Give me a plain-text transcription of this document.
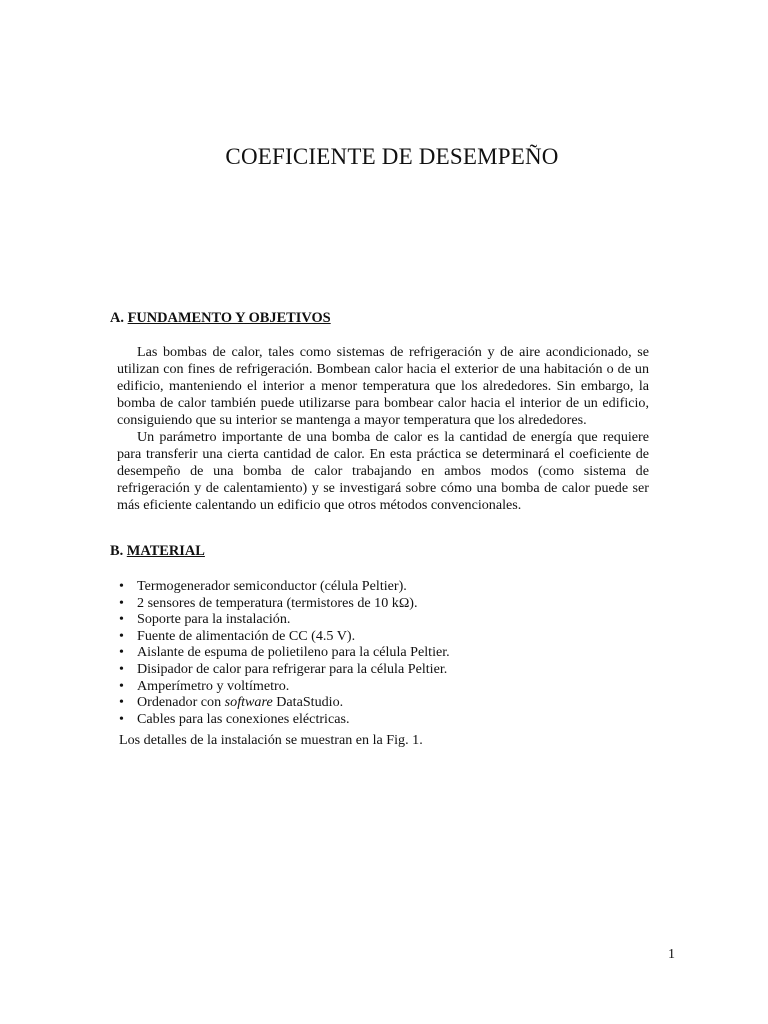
COEFICIENTE DE DESEMPEÑO
A. FUNDAMENTO Y OBJETIVOS

Las bombas de calor, tales como sistemas de refrigeración y de aire acondicionado, se utilizan con fines de refrigeración. Bombean calor hacia el exterior de una habitación o de un edificio, manteniendo el interior a menor temperatura que los alrededores. Sin embargo, la bomba de calor también puede utilizarse para bombear calor hacia el interior de un edificio, consiguiendo que su interior se mantenga a mayor temperatura que los alrededores.

Un parámetro importante de una bomba de calor es la cantidad de energía que requiere para transferir una cierta cantidad de calor. En esta práctica se determinará el coeficiente de desempeño de una bomba de calor trabajando en ambos modos (como sistema de refrigeración y de calentamiento) y se investigará sobre cómo una bomba de calor puede ser más eficiente calentando un edificio que otros métodos convencionales.

B. MATERIAL
• Termogenerador semiconductor (célula Peltier).
• 2 sensores de temperatura (termistores de 10 kΩ).
• Soporte para la instalación.
• Fuente de alimentación de CC (4.5 V).
• Aislante de espuma de polietileno para la célula Peltier.
• Disipador de calor para refrigerar para la célula Peltier.
• Amperímetro y voltímetro.
• Ordenador con software DataStudio.
• Cables para las conexiones eléctricas.
Los detalles de la instalación se muestran en la Fig. 1.
1
